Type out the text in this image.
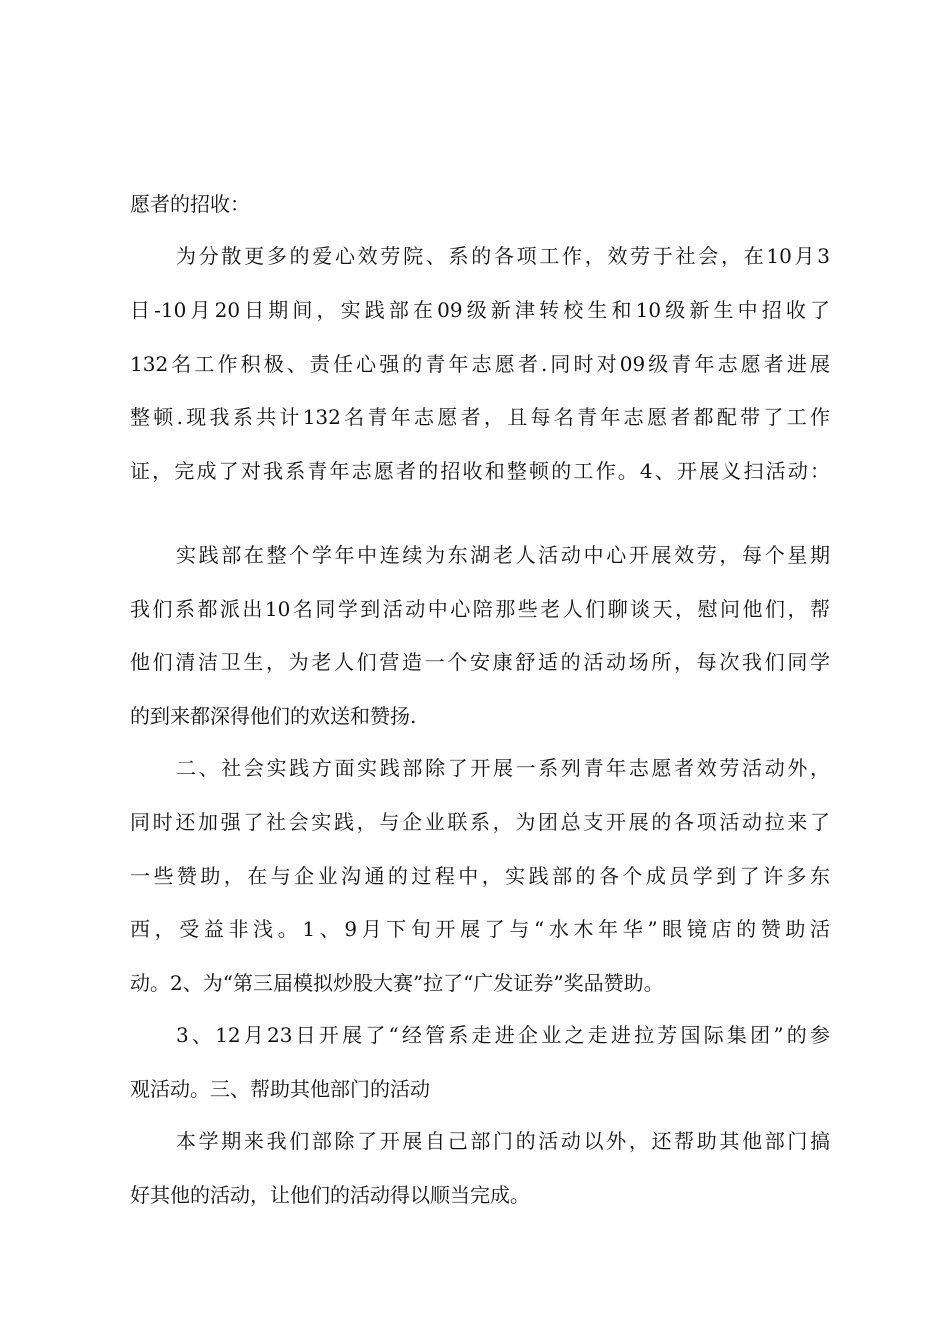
愿者的招收：
为分散更多的爱心效劳院、系的各项工作，效劳于社会，在10月3
日-10月20日期间，实践部在09级新津转校生和10级新生中招收了
132名工作积极、责任心强的青年志愿者.同时对09级青年志愿者进展
整顿.现我系共计132名青年志愿者，且每名青年志愿者都配带了工作
证，完成了对我系青年志愿者的招收和整顿的工作。4、开展义扫活动：
实践部在整个学年中连续为东湖老人活动中心开展效劳，每个星期
我们系都派出10名同学到活动中心陪那些老人们聊谈天，慰问他们，帮
他们清洁卫生，为老人们营造一个安康舒适的活动场所，每次我们同学
的到来都深得他们的欢送和赞扬.
二、社会实践方面实践部除了开展一系列青年志愿者效劳活动外，
同时还加强了社会实践，与企业联系，为团总支开展的各项活动拉来了
一些赞助，在与企业沟通的过程中，实践部的各个成员学到了许多东
西，受益非浅。1、9月下旬开展了与“水木年华”眼镜店的赞助活
动。2、为“第三届模拟炒股大赛”拉了“广发证券”奖品赞助。
3、12月23日开展了“经管系走进企业之走进拉芳国际集团”的参
观活动。三、帮助其他部门的活动
本学期来我们部除了开展自己部门的活动以外，还帮助其他部门搞
好其他的活动，让他们的活动得以顺当完成。
